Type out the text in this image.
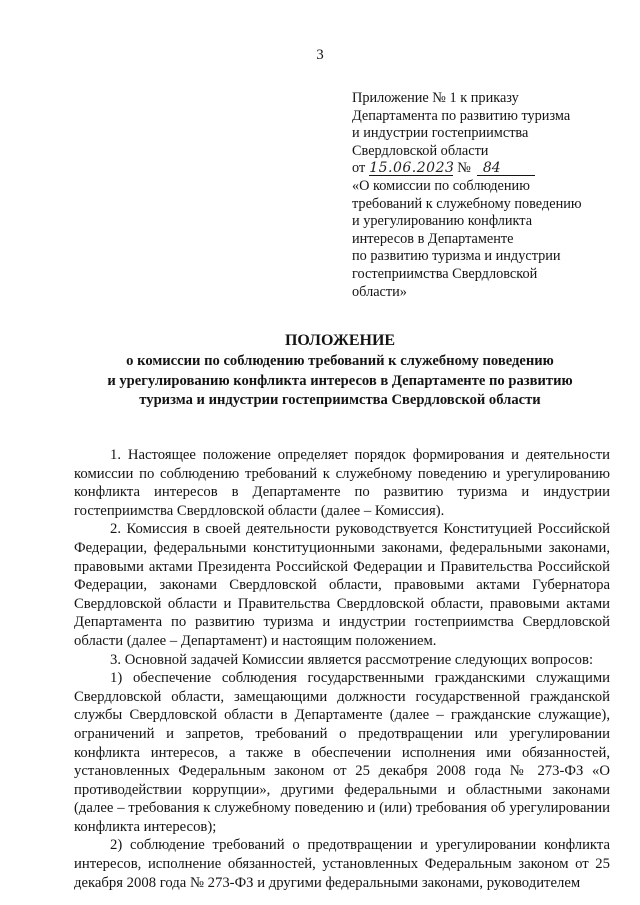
3
Приложение № 1 к приказу
Департамента по развитию туризма
и индустрии гостеприимства
Свердловской области
от 15.06.2023 № 84
«О комиссии по соблюдению
требований к служебному поведению
и урегулированию конфликта
интересов в Департаменте
по развитию туризма и индустрии
гостеприимства Свердловской
области»
ПОЛОЖЕНИЕ
о комиссии по соблюдению требований к служебному поведению
и урегулированию конфликта интересов в Департаменте по развитию
туризма и индустрии гостеприимства Свердловской области

1. Настоящее положение определяет порядок формирования и деятельности комиссии по соблюдению требований к служебному поведению и урегулированию конфликта интересов в Департаменте по развитию туризма и индустрии гостеприимства Свердловской области (далее – Комиссия).

2. Комиссия в своей деятельности руководствуется Конституцией Российской Федерации, федеральными конституционными законами, федеральными законами, правовыми актами Президента Российской Федерации и Правительства Российской Федерации, законами Свердловской области, правовыми актами Губернатора Свердловской области и Правительства Свердловской области, правовыми актами Департамента по развитию туризма и индустрии гостеприимства Свердловской области (далее – Департамент) и настоящим положением.

3. Основной задачей Комиссии является рассмотрение следующих вопросов:

1) обеспечение соблюдения государственными гражданскими служащими Свердловской области, замещающими должности государственной гражданской службы Свердловской области в Департаменте (далее – гражданские служащие), ограничений и запретов, требований о предотвращении или урегулировании конфликта интересов, а также в обеспечении исполнения ими обязанностей, установленных Федеральным законом от 25 декабря 2008 года № 273-ФЗ «О противодействии коррупции», другими федеральными и областными законами (далее – требования к служебному поведению и (или) требования об урегулировании конфликта интересов);

2) соблюдение требований о предотвращении и урегулировании конфликта интересов, исполнение обязанностей, установленных Федеральным законом от 25 декабря 2008 года № 273-ФЗ и другими федеральными законами, руководителем
